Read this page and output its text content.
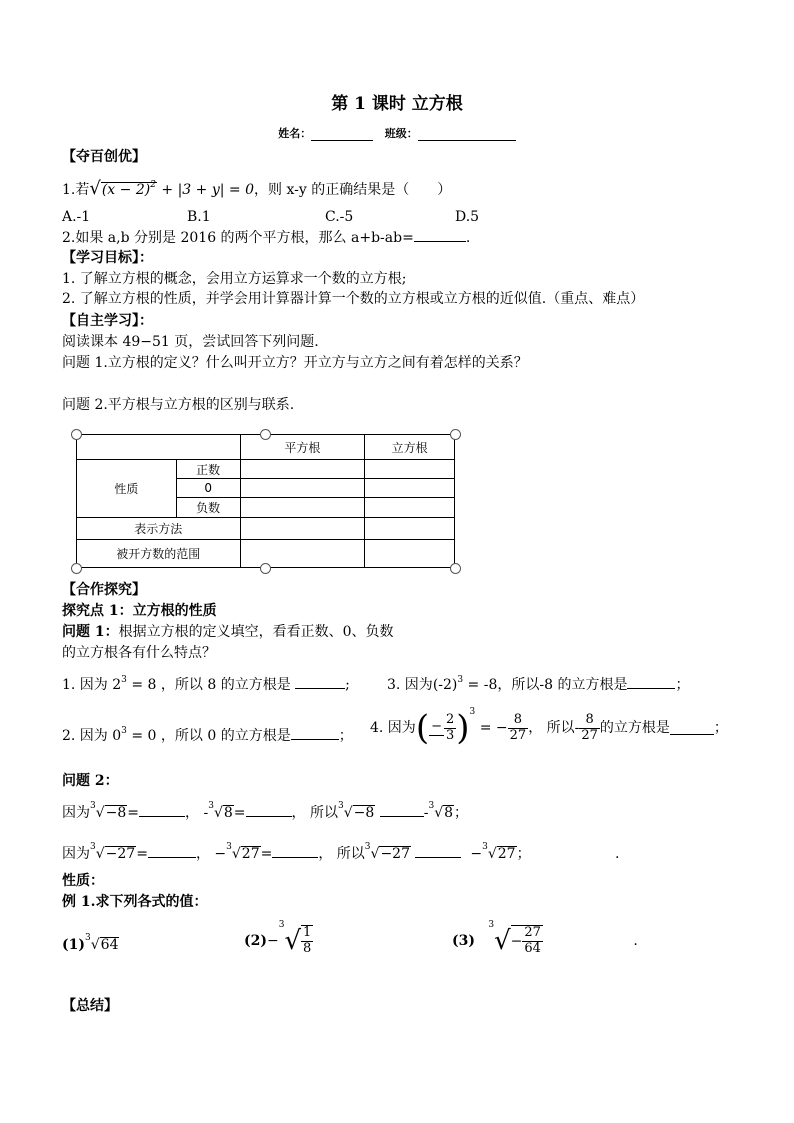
第 1 课时 立方根
姓名：	班级：
【夺百创优】
1.若$√(x - 2)^2 + |3 + y| = 0$，则 x-y 的正确结果是（　　）
A.-1	B.1	C.-5	D.5
2.如果 a,b 分别是 2016 的两个平方根，那么 a+b-ab=	.
【学习目标】：
1. 了解立方根的概念，会用立方运算求一个数的立方根;
2. 了解立方根的性质，并学会用计算器计算一个数的立方根或立方根的近似值.（重点、难点）
【自主学习】：
阅读课本 49−51 页，尝试回答下列问题.
问题 1.立方根的定义？什么叫开立方？开立方与立方之间有着怎样的关系？
问题 2.平方根与立方根的区别与联系.
		平方根	立方根
性质	正数		
	0		
	负数		
表示方法			
被开方数的范围			
【合作探究】
探究点 1：立方根的性质
问题 1：根据立方根的定义填空，看看正数、0、负数
的立方根各有什么特点？
1. 因为 $2^3 = 8$ ，所以 8 的立方根是	;	3. 因为$(-2)^3 = -8$，所以-8 的立方根是	；
2. 因为 $0^3 = 0$ ，所以 0 的立方根是	； 4. 因为( − $\frac{2}{3} )^3$ = − $\frac{8}{27}$ ， 所以- $\frac{8}{27}$ 的立方根是	；
问题 2：
因为$^3$√−8=	， -$^3$√8=	， 所以$^3$√−8	-$^3$√8；
因为$^3$√−27=	， −$^3$√27=	， 所以$^3$√−27	−$^3$√27；	.
性质：
例 1.求下列各式的值：
$(1)^3√64$	$(2)-^3√ \frac{1}{8}$	(3)   $^3√- \frac{27}{64}$	.
【总结】
